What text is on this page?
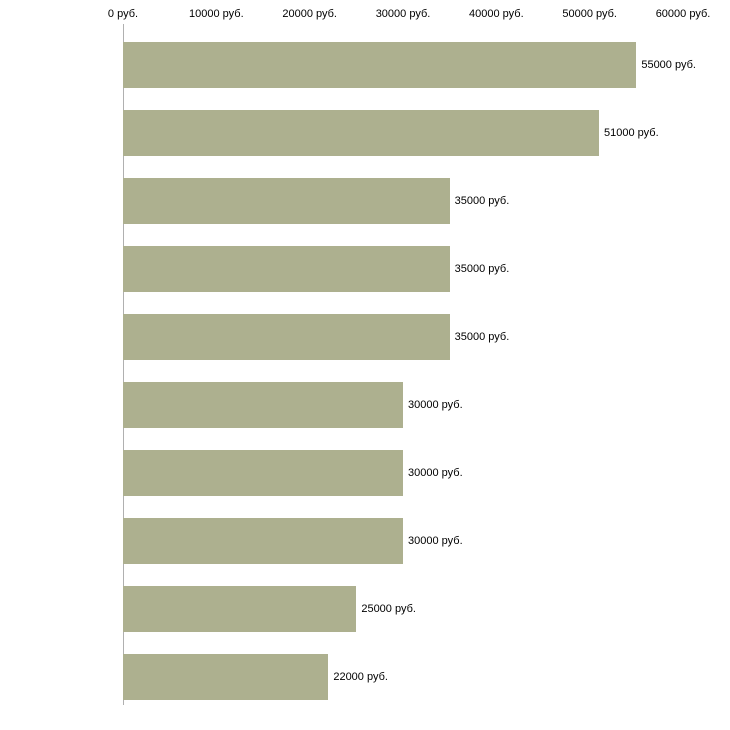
0 руб.	10000 руб.	20000 руб.	30000 руб.	40000 руб.	50000 руб.	60000 руб.
55000 руб.
51000 руб.
35000 руб.
35000 руб.
35000 руб.
30000 руб.
30000 руб.
30000 руб.
25000 руб.
22000 руб.
